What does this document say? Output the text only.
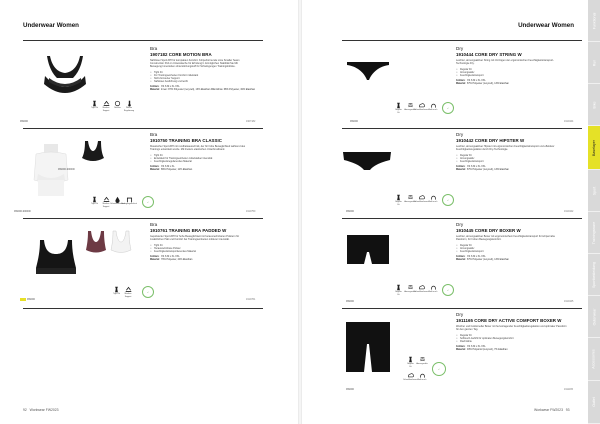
Underwear Women
999000
Bra
1907182 CORE MOTION BRA
Nahtloser Sport-BH für kompakten Komfort. Körperformende Linie Smaller Seam Construction Pull on Unterwäsche für Erholung lt. Ermöglichen Stabilität Sie Mit Bewegung Innenleben-Unterstützungstuff für Schwingungen Trainingsblöcke.
• Tight Fit
• Für Trainingseinheiten Komfort mittelstark
• Nicht-formierter Support
• Nahtloser Ausführung und leicht
Größen: XS S M L XL XXL
Material:Innen: 87% Polyester (recycelt), 13% Elasthan Mikroklima: 68% Polyester, 32% Elasthan
Tight Fit	Medium Support
Nahtlos	Wärme Regulierung
1907182
999000-900000
999000-900000
Bra
1910750 TRAINING BRA CLASSIC
Klassischer Sport-BH mit rundhalsausschnitt, der für hohe Beweglichkeit während des Trainings entwickelt wurde. Mit breitem elastischen Unterbrustband.
• Tight Fit
• Entwickelt für Trainingseinheiten mittelstarker Intensität
• Feuchtigkeitsregulierendes Material
Größen: XS S M L XL
Material:89% Polyester, 11% Elasthan
Tight Fit	Medium Support
Schnelltrocknend
Bewegungsfreiheit
✓
1910750
999000
Bra
1910761 TRAINING BRA PADDED W
Gepolsterter Sport-BH für hohe Beweglichkeit mit herausnehmbaren Polstern für zusätzlichen Halt und Komfort bei Trainingseinheiten mittlerer Intensität.
• Tight Fit
• Herausnehmbare Polster
• Feuchtigkeitstransportierendes Material
Größen: XS S M L XL XXL
Material:76% Polyester, 24% Elasthan
Tight Fit	Medium Support
✓
1910761
92 Workwear FW2023
Underwear Women
999000
Dry
1910444 CORE DRY STRING W
Leichter, atmungsaktiver String mit Vorzügen der ergonomischen Feuchtigkeitstransport-Technologie Dry.
• Regular Fit
• Atmungsaktiv
• Feuchtigkeitstransport
Größen: XS S M L XL XXL
Material:87% Polyester (recycelt), 13% Elasthan
Regular Fit
Atmungsaktiv
Schnelltrocknend Soft touch
✓
1910444
999000
Dry
1910442 CORE DRY HIPSTER W
Leichter, atmungsaktiver Hipster mit ergonomischen Feuchtigkeitstransport und effektiver Feuchtigkeitsregulation durch Dry-Technologie.
• Regular Fit
• Atmungsaktiv
• Feuchtigkeitstransport
Größen: XS S M L XL XXL
Material:87% Polyester (recycelt), 13% Elasthan
Regular Fit
Atmungsaktiv
Schnelltrocknend Soft touch
✓
1910442
999000
Dry
1910445 CORE DRY BOXER W
Leichter, atmungsaktiver Boxer mit ergonomischem Feuchtigkeitstransport für körpernahe Passform, für hohen Bewegungskomfort.
• Regular Fit
• Atmungsaktiv
• Feuchtigkeitstransport
Größen: XS S M L XL XXL
Material:87% Polyester (recycelt), 13% Elasthan
Regular Fit
Atmungsaktiv
Schnelltrocknend Soft touch
✓
1910445
999000
Dry
1911165 CORE DRY ACTIVE COMFORT BOXER W
Weicher und funktioneller Boxer mit hervorragender Feuchtigkeitsregulation und optimaler Passform für den ganzen Tag.
• Regular Fit
• Softtouch-Gefühl für optimalen Bewegungskomfort
• Flachnähte
Größen: XS S M L XL XXL
Material:93% Polyamid (recycelt), 7% Elasthan
Regular Fit
Atmungsaktiv
Schnelltrocknend Soft touch
✓
1911165
Workwear FW2023 93
Funktional
Run
Bike
Baselayer
Sport
Trainingsware
Sportbekleidung
Outerwear
Accessoires
Outlet
